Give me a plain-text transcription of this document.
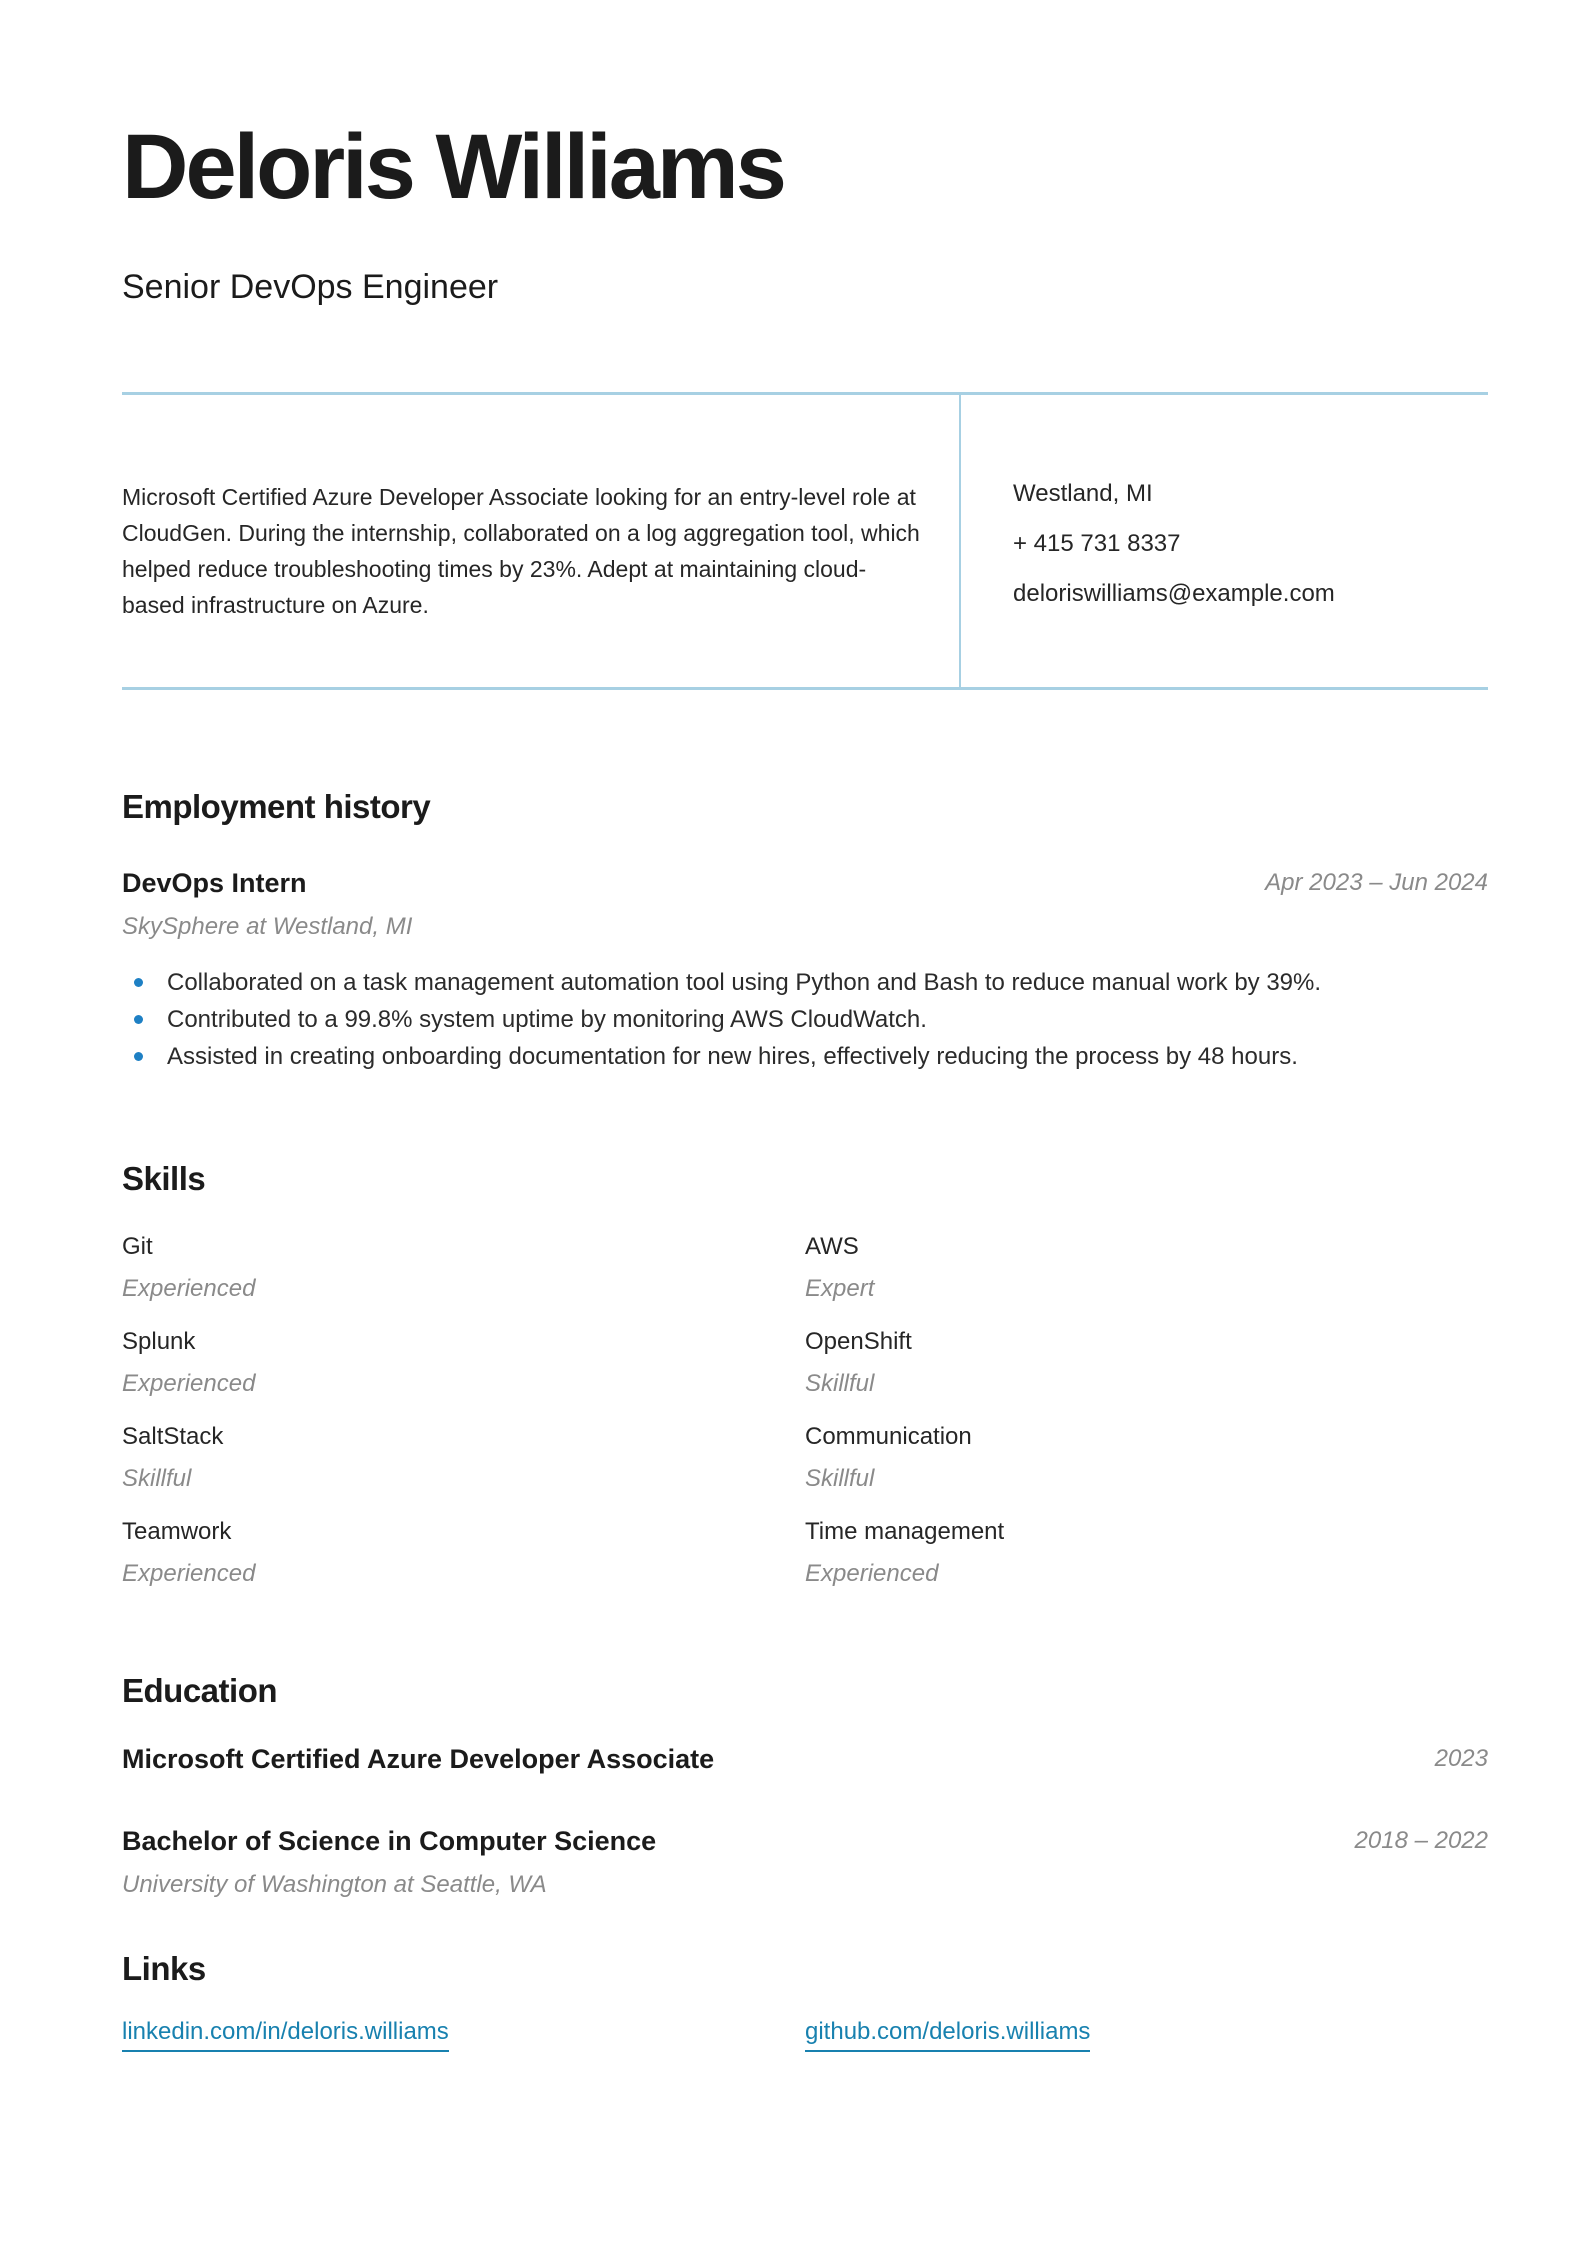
Deloris Williams
Senior DevOps Engineer

Microsoft Certified Azure Developer Associate looking for an entry-level role at CloudGen. During the internship, collaborated on a log aggregation tool, which helped reduce troubleshooting times by 23%. Adept at maintaining cloud-based infrastructure on Azure.

Westland, MI
+ 415 731 8337
deloriswilliams@example.com
Employment history
DevOps Intern	Apr 2023 – Jun 2024
SkySphere at Westland, MI
Collaborated on a task management automation tool using Python and Bash to reduce manual work by 39%.
Contributed to a 99.8% system uptime by monitoring AWS CloudWatch.
Assisted in creating onboarding documentation for new hires, effectively reducing the process by 48 hours.
Skills
Git
Experienced
AWS
Expert
Splunk
Experienced
OpenShift
Skillful
SaltStack
Skillful
Communication
Skillful
Teamwork
Experienced
Time management
Experienced
Education
Microsoft Certified Azure Developer Associate	2023
Bachelor of Science in Computer Science	2018 – 2022
University of Washington at Seattle, WA
Links
linkedin.com/in/deloris.williams	github.com/deloris.williams
